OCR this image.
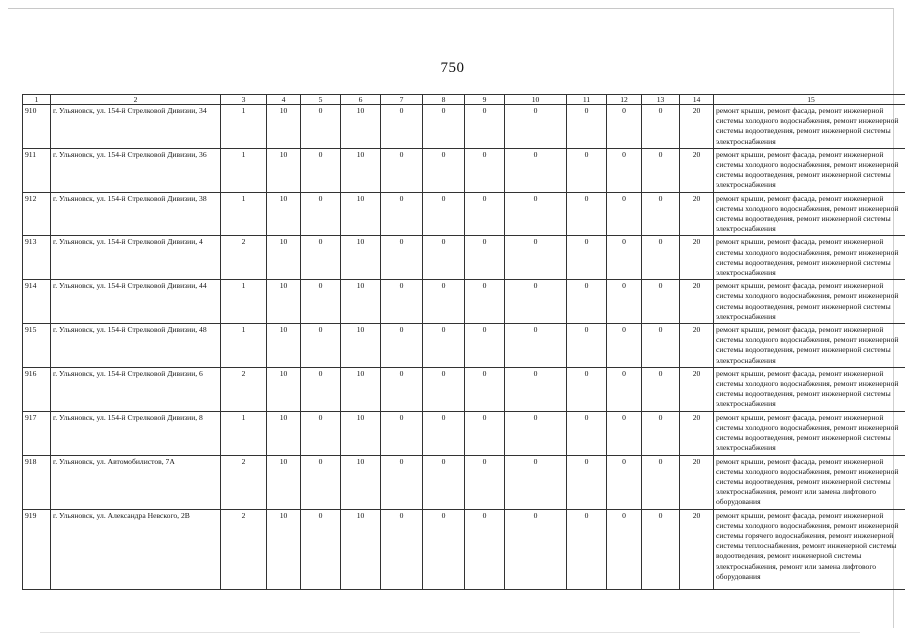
750
1	2	3	4	5	6	7	8	9	10	11	12	13	14	15
910	г. Ульяновск, ул. 154-й Стрелковой Дивизии, 34	1	10	0	10	0	0	0	0	0	0	0	20	ремонт крыши, ремонт фасада, ремонт инженерной системы холодного водоснабжения, ремонт инженерной системы водоотведения, ремонт инженерной системы электроснабжения
911	г. Ульяновск, ул. 154-й Стрелковой Дивизии, 36	1	10	0	10	0	0	0	0	0	0	0	20	ремонт крыши, ремонт фасада, ремонт инженерной системы холодного водоснабжения, ремонт инженерной системы водоотведения, ремонт инженерной системы электроснабжения
912	г. Ульяновск, ул. 154-й Стрелковой Дивизии, 38	1	10	0	10	0	0	0	0	0	0	0	20	ремонт крыши, ремонт фасада, ремонт инженерной системы холодного водоснабжения, ремонт инженерной системы водоотведения, ремонт инженерной системы электроснабжения
913	г. Ульяновск, ул. 154-й Стрелковой Дивизии, 4	2	10	0	10	0	0	0	0	0	0	0	20	ремонт крыши, ремонт фасада, ремонт инженерной системы холодного водоснабжения, ремонт инженерной системы водоотведения, ремонт инженерной системы электроснабжения
914	г. Ульяновск, ул. 154-й Стрелковой Дивизии, 44	1	10	0	10	0	0	0	0	0	0	0	20	ремонт крыши, ремонт фасада, ремонт инженерной системы холодного водоснабжения, ремонт инженерной системы водоотведения, ремонт инженерной системы электроснабжения
915	г. Ульяновск, ул. 154-й Стрелковой Дивизии, 48	1	10	0	10	0	0	0	0	0	0	0	20	ремонт крыши, ремонт фасада, ремонт инженерной системы холодного водоснабжения, ремонт инженерной системы водоотведения, ремонт инженерной системы электроснабжения
916	г. Ульяновск, ул. 154-й Стрелковой Дивизии, 6	2	10	0	10	0	0	0	0	0	0	0	20	ремонт крыши, ремонт фасада, ремонт инженерной системы холодного водоснабжения, ремонт инженерной системы водоотведения, ремонт инженерной системы электроснабжения
917	г. Ульяновск, ул. 154-й Стрелковой Дивизии, 8	1	10	0	10	0	0	0	0	0	0	0	20	ремонт крыши, ремонт фасада, ремонт инженерной системы холодного водоснабжения, ремонт инженерной системы водоотведения, ремонт инженерной системы электроснабжения
918	г. Ульяновск, ул. Автомобилистов, 7А	2	10	0	10	0	0	0	0	0	0	0	20	ремонт крыши, ремонт фасада, ремонт инженерной системы холодного водоснабжения, ремонт инженерной системы водоотведения, ремонт инженерной системы электроснабжения, ремонт или замена лифтового оборудования
919	г. Ульяновск, ул. Александра Невского, 2В	2	10	0	10	0	0	0	0	0	0	0	20	ремонт крыши, ремонт фасада, ремонт инженерной системы холодного водоснабжения, ремонт инженерной системы горячего водоснабжения, ремонт инженерной системы теплоснабжения, ремонт инженерной системы водоотведения, ремонт инженерной системы электроснабжения, ремонт или замена лифтового оборудования
